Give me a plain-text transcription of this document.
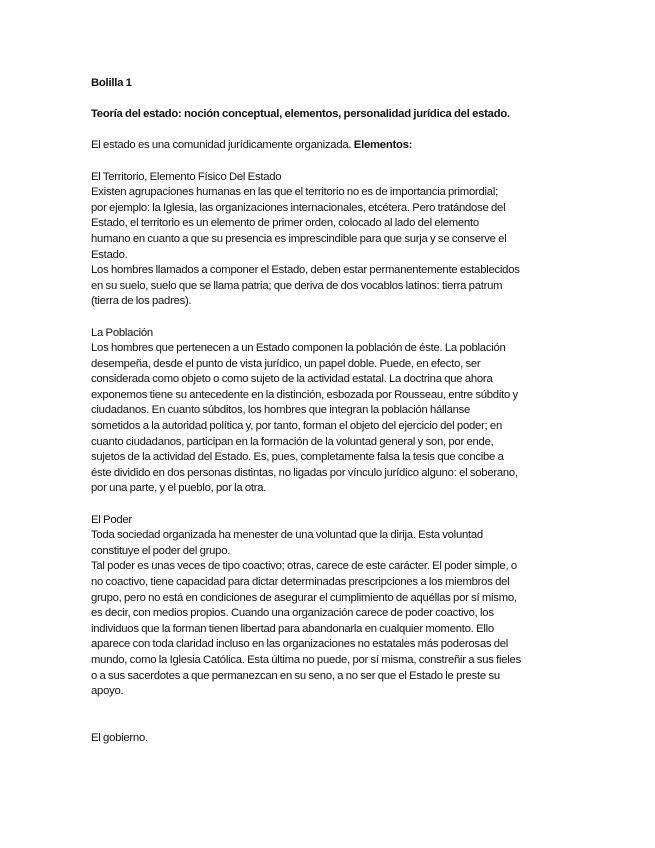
Bolilla 1

Teoría del estado: noción conceptual, elementos, personalidad jurídica del estado.

El estado es una comunidad jurídicamente organizada. Elementos:

El Territorio, Elemento Físico Del Estado

Existen agrupaciones humanas en las que el territorio no es de importancia primordial;

por ejemplo: la Iglesia, las organizaciones internacionales, etcétera. Pero tratándose del

Estado, el territorio es un elemento de primer orden, colocado al lado del elemento

humano en cuanto a que su presencia es imprescindible para que surja y se conserve el

Estado.

Los hombres llamados a componer el Estado, deben estar permanentemente establecidos

en su suelo, suelo que se llama patria; que deriva de dos vocablos latinos: tierra patrum

(tierra de los padres).

La Población

Los hombres que pertenecen a un Estado componen la población de éste. La población

desempeña, desde el punto de vista jurídico, un papel doble. Puede, en efecto, ser

considerada como objeto o como sujeto de la actividad estatal. La doctrina que ahora

exponemos tiene su antecedente en la distinción, esbozada por Rousseau, entre súbdito y

ciudadanos. En cuanto súbditos, los hombres que integran la población hállanse

sometidos a la autoridad política y, por tanto, forman el objeto del ejercicio del poder; en

cuanto ciudadanos, participan en la formación de la voluntad general y son, por ende,

sujetos de la actividad del Estado. Es, pues, completamente falsa la tesis que concibe a

éste dividido en dos personas distintas, no ligadas por vínculo jurídico alguno: el soberano,

por una parte, y el pueblo, por la otra.

El Poder

Toda sociedad organizada ha menester de una voluntad que la dirija. Esta voluntad

constituye el poder del grupo.

Tal poder es unas veces de tipo coactivo; otras, carece de este carácter. El poder simple, o

no coactivo, tiene capacidad para dictar determinadas prescripciones a los miembros del

grupo, pero no está en condiciones de asegurar el cumplimiento de aquéllas por sí mismo,

es decir, con medios propios. Cuando una organización carece de poder coactivo, los

individuos que la forman tienen libertad para abandonarla en cualquier momento. Ello

aparece con toda claridad incluso en las organizaciones no estatales más poderosas del

mundo, como la Iglesia Católica. Esta última no puede, por sí misma, constreñir a sus fieles

o a sus sacerdotes a que permanezcan en su seno, a no ser que el Estado le preste su

apoyo.

El gobierno.
